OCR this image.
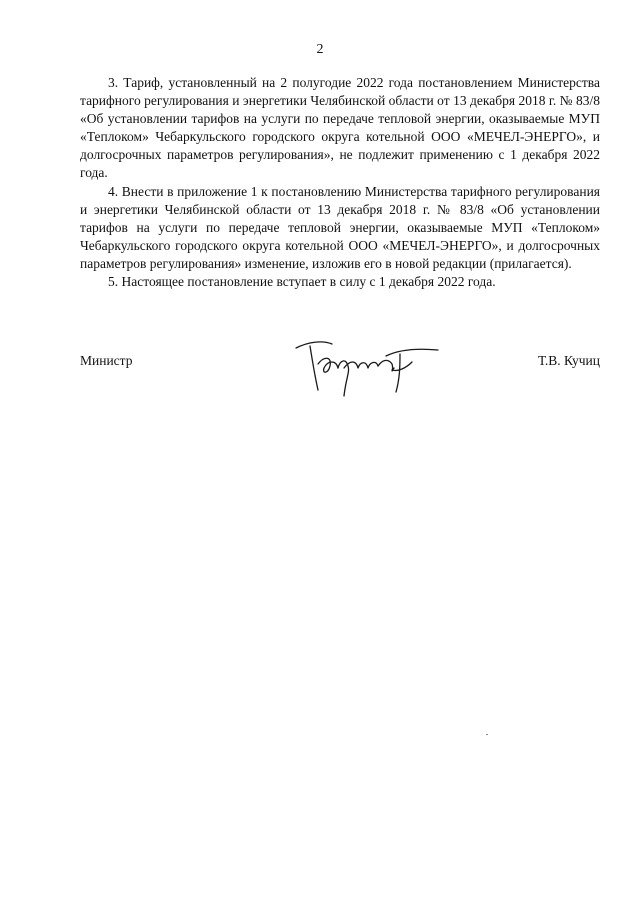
2

3. Тариф, установленный на 2 полугодие 2022 года постановлением Министерства тарифного регулирования и энергетики Челябинской области от 13 декабря 2018 г. № 83/8 «Об установлении тарифов на услуги по передаче тепловой энергии, оказываемые МУП «Теплоком» Чебаркульского городского округа котельной ООО «МЕЧЕЛ-ЭНЕРГО», и долгосрочных параметров регулирования», не подлежит применению с 1 декабря 2022 года.

4. Внести в приложение 1 к постановлению Министерства тарифного регулирования и энергетики Челябинской области от 13 декабря 2018 г. № 83/8 «Об установлении тарифов на услуги по передаче тепловой энергии, оказываемые МУП «Теплоком» Чебаркульского городского округа котельной ООО «МЕЧЕЛ-ЭНЕРГО», и долгосрочных параметров регулирования» изменение, изложив его в новой редакции (прилагается).

5. Настоящее постановление вступает в силу с 1 декабря 2022 года.

Министр	Т.В. Кучиц
